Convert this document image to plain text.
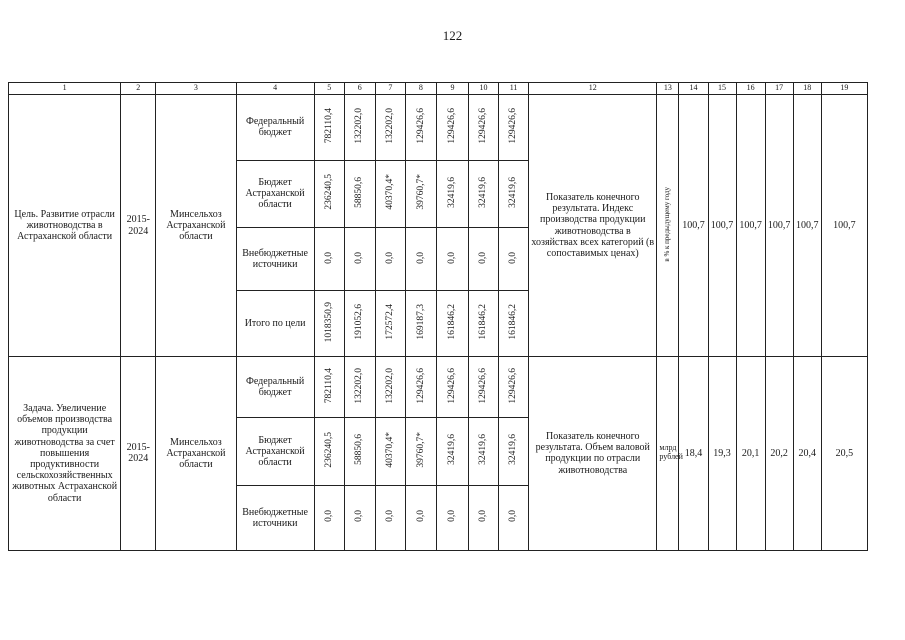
122
1	2	3	4	5	6	7	8	9	10	11	12	13	14	15	16	17	18	19
Цель. Развитие отрасли животноводства в Астраханской области	2015-2024	Минсельхоз Астраханской области	Федеральный бюджет	782110,4	132202,0	132202,0	129426,6	129426,6	129426,6	129426,6	Показатель конечного результата. Индекс производства продукции животноводства в хозяйствах всех категорий (в сопоставимых ценах)	в % к предыдущему году	100,7	100,7	100,7	100,7	100,7	100,7
			Бюджет Астраханской области	236240,5	58850,6	40370,4*	39760,7*	32419,6	32419,6	32419,6								
			Внебюджетные источники	0,0	0,0	0,0	0,0	0,0	0,0	0,0								
			Итого по цели	1018350,9	191052,6	172572,4	169187,3	161846,2	161846,2	161846,2								
Задача. Увеличение объемов производства продукции животноводства за счет повышения продуктивности сельскохозяйственных животных Астраханской области	2015-2024	Минсельхоз Астраханской области	Федеральный бюджет	782110,4	132202,0	132202,0	129426,6	129426,6	129426,6	129426,6	Показатель конечного результата. Объем валовой продукции по отрасли животноводства	млрд рублей	18,4	19,3	20,1	20,2	20,4	20,5
			Бюджет Астраханской области	236240,5	58850,6	40370,4*	39760,7*	32419,6	32419,6	32419,6								
			Внебюджетные источники	0,0	0,0	0,0	0,0	0,0	0,0	0,0								
